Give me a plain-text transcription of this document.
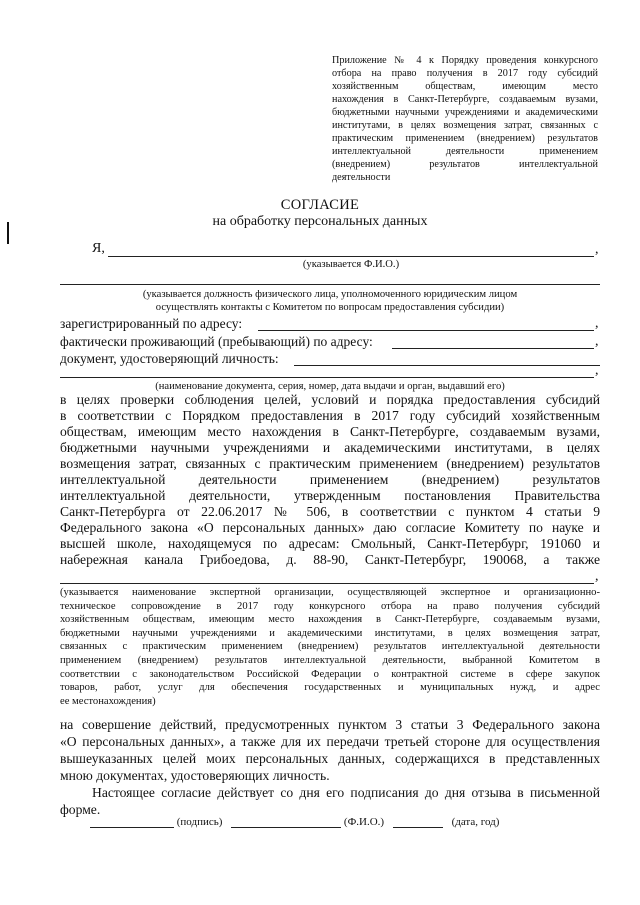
Приложение № 4 к Порядку проведения конкурсного
отбора на право получения в 2017 году субсидий
хозяйственным обществам, имеющим место
нахождения в Санкт-Петербурге, создаваемым вузами,
бюджетными научными учреждениями и академическими
институтами, в целях возмещения затрат, связанных с
практическим применением (внедрением) результатов
интеллектуальной деятельности применением
(внедрением) результатов интеллектуальной
деятельности
СОГЛАСИЕ
на обработку персональных данных
Я,	,
(указывается Ф.И.О.)
(указывается должность физического лица, уполномоченного юридическим лицом
осуществлять контакты с Комитетом по вопросам предоставления субсидии)
зарегистрированный по адресу:	,
фактически проживающий (пребывающий) по адресу:	,
документ, удостоверяющий личность:
,
(наименование документа, серия, номер, дата выдачи и орган, выдавший его)
в целях проверки соблюдения целей, условий и порядка предоставления субсидий
в соответствии с Порядком предоставления в 2017 году субсидий хозяйственным
обществам, имеющим место нахождения в Санкт-Петербурге, создаваемым вузами,
бюджетными научными учреждениями и академическими институтами, в целях
возмещения затрат, связанных с практическим применением (внедрением) результатов
интеллектуальной деятельности применением (внедрением) результатов
интеллектуальной деятельности, утвержденным постановления Правительства
Санкт-Петербурга от 22.06.2017 № 506, в соответствии с пунктом 4 статьи 9
Федерального закона «О персональных данных» даю согласие Комитету по науке и
высшей школе, находящемуся по адресам: Смольный, Санкт-Петербург, 191060 и
набережная канала Грибоедова, д. 88-90, Санкт-Петербург, 190068, а также
,
(указывается наименование экспертной организации, осуществляющей экспертное и организационно-
техническое сопровождение в 2017 году конкурсного отбора на право получения субсидий
хозяйственным обществам, имеющим место нахождения в Санкт-Петербурге, создаваемым вузами,
бюджетными научными учреждениями и академическими институтами, в целях возмещения затрат,
связанных с практическим применением (внедрением) результатов интеллектуальной деятельности
применением (внедрением) результатов интеллектуальной деятельности, выбранной Комитетом в
соответствии с законодательством Российской Федерации о контрактной системе в сфере закупок
товаров, работ, услуг для обеспечения государственных и муниципальных нужд, и адрес
ее местонахождения)
на совершение действий, предусмотренных пунктом 3 статьи 3 Федерального закона
«О персональных данных», а также для их передачи третьей стороне для осуществления
вышеуказанных целей моих персональных данных, содержащихся в представленных
мною документах, удостоверяющих личность.
Настоящее согласие действует со дня его подписания до дня отзыва в письменной
форме.
(подпись)	(Ф.И.О.)	(дата, год)
